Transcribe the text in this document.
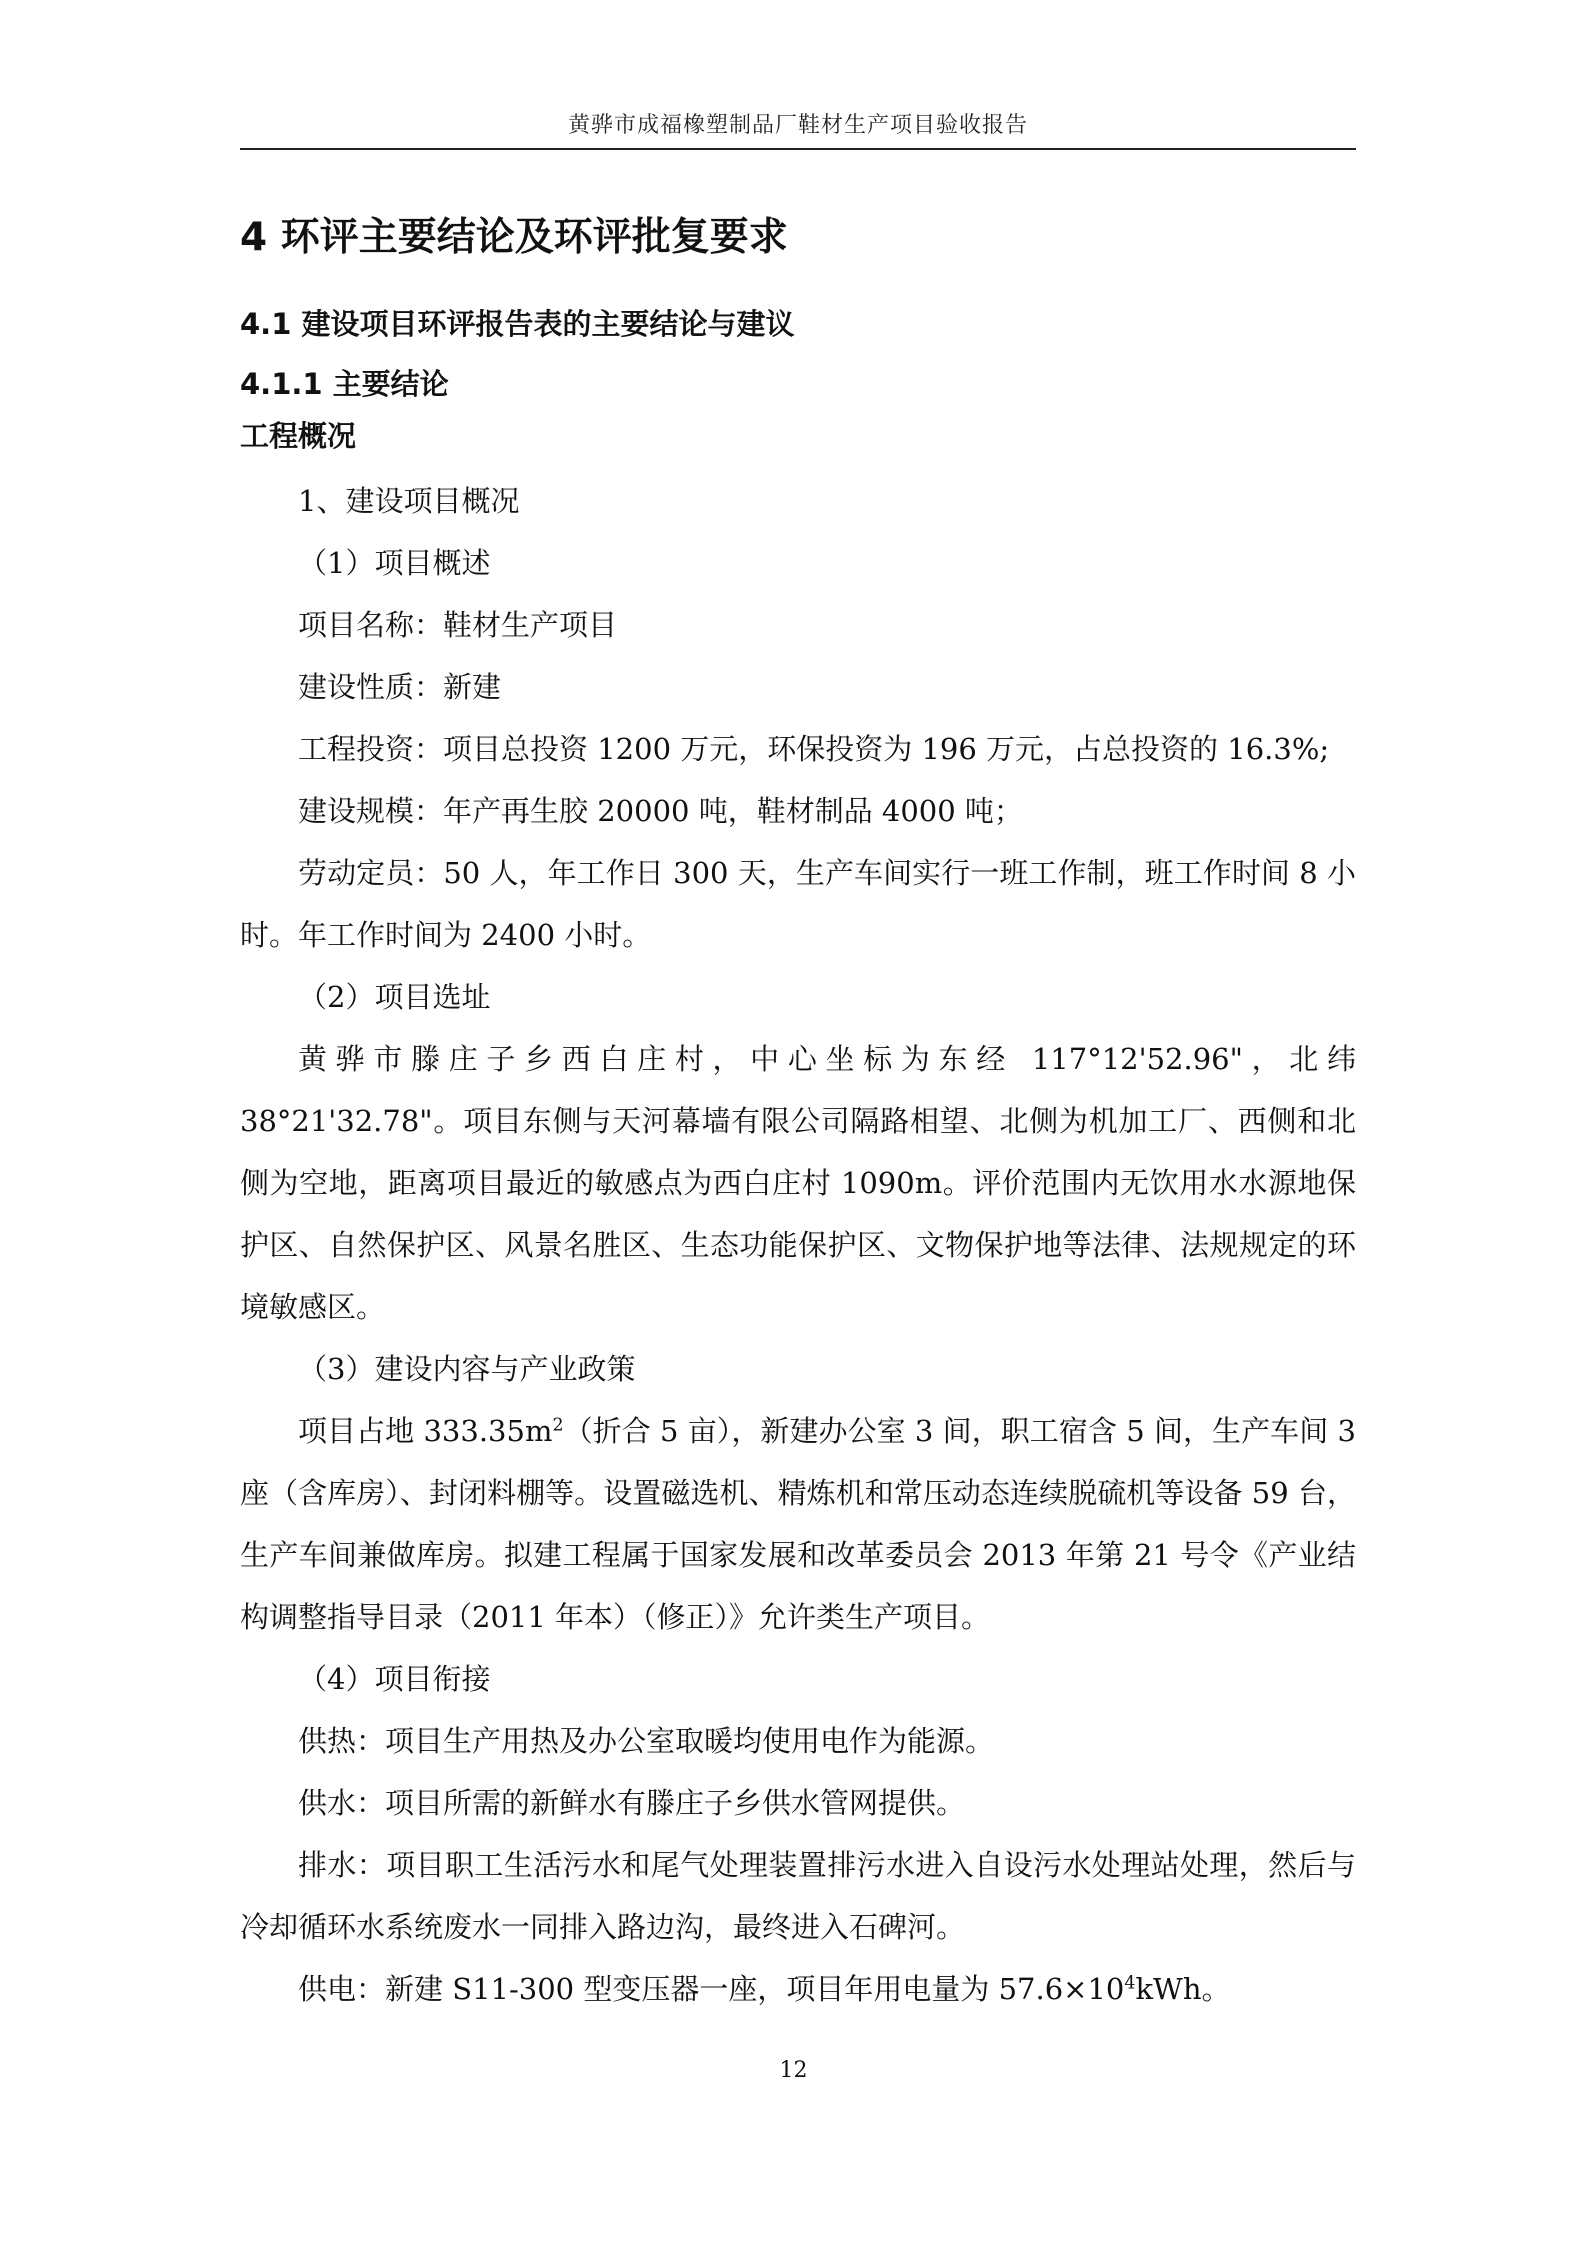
黄骅市成福橡塑制品厂鞋材生产项目验收报告
4 环评主要结论及环评批复要求
4.1 建设项目环评报告表的主要结论与建议
4.1.1 主要结论
工程概况

1、建设项目概况

（1）项目概述

项目名称：鞋材生产项目

建设性质：新建

工程投资：项目总投资 1200 万元，环保投资为 196 万元，占总投资的 16.3%;

建设规模：年产再生胶 20000 吨，鞋材制品 4000 吨；

劳动定员：50 人，年工作日 300 天，生产车间实行一班工作制，班工作时间 8 小时。年工作时间为 2400 小时。

（2）项目选址

黄骅市滕庄子乡西白庄村，中心坐标为东经 117°12'52.96"，北纬 38°21'32.78"。项目东侧与天河幕墙有限公司隔路相望、北侧为机加工厂、西侧和北侧为空地，距离项目最近的敏感点为西白庄村 1090m。评价范围内无饮用水水源地保护区、自然保护区、风景名胜区、生态功能保护区、文物保护地等法律、法规规定的环境敏感区。

（3）建设内容与产业政策

项目占地 $333.35m^2$（折合 5 亩），新建办公室 3 间，职工宿含 5 间，生产车间 3 座（含库房）、封闭料棚等。设置磁选机、精炼机和常压动态连续脱硫机等设备 59 台，生产车间兼做库房。拟建工程属于国家发展和改革委员会 2013 年第 21 号令《产业结构调整指导目录（2011 年本）（修正）》允许类生产项目。

（4）项目衔接

供热：项目生产用热及办公室取暖均使用电作为能源。

供水：项目所需的新鲜水有滕庄子乡供水管网提供。

排水：项目职工生活污水和尾气处理装置排污水进入自设污水处理站处理，然后与冷却循环水系统废水一同排入路边沟，最终进入石碑河。

供电：新建 S11-300 型变压器一座，项目年用电量为 $57.6\times 10^4kWh$。

12
